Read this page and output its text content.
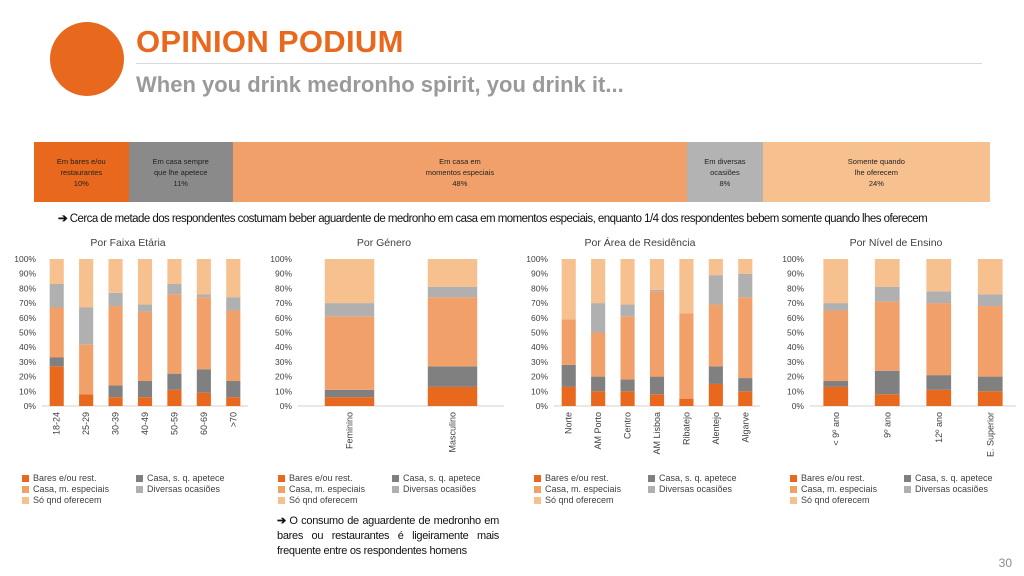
OPINION PODIUM
When you drink medronho spirit, you drink it...
Em bares e/ou
restaurantes
10%
Em casa sempre
que lhe apetece
11%
Em casa em
momentos especiais
48%
Em diversas
ocasiões
8%
Somente quando
lhe oferecem
24%
➔ Cerca de metade dos respondentes costumam beber aguardente de medronho em casa em momentos especiais, enquanto 1/4 dos respondentes bebem somente quando lhes oferecem
Por Faixa Etária
0%
10%
20%
30%
40%
50%
60%
70%
80%
90%
100%
18-24 25-29 30-39 40-49 50-59 60-69 >70
Bares e/ou rest.	Casa, s. q. apetece
Casa, m. especiais	Diversas ocasiões
Só qnd oferecem
Por Género
0%
10%
20%
30%
40%
50%
60%
70%
80%
90%
100%
Feminino	Masculino
Bares e/ou rest.	Casa, s. q. apetece
Casa, m. especiais	Diversas ocasiões
Só qnd oferecem
Por Área de Residência
0%
10%
20%
30%
40%
50%
60%
70%
80%
90%
100%
Norte AM Porto Centro AM Lisboa Ribatejo Alentejo Algarve
Bares e/ou rest.	Casa, s. q. apetece
Casa, m. especiais	Diversas ocasiões
Só qnd oferecem
Por Nível de Ensino
0%
10%
20%
30%
40%
50%
60%
70%
80%
90%
100%
< 9º ano	9º ano	12º ano	E. Superior
Bares e/ou rest.	Casa, s. q. apetece
Casa, m. especiais	Diversas ocasiões
Só qnd oferecem
➔ O consumo de aguardente de medronho em bares ou restaurantes é ligeiramente mais frequente entre os respondentes homens
30
